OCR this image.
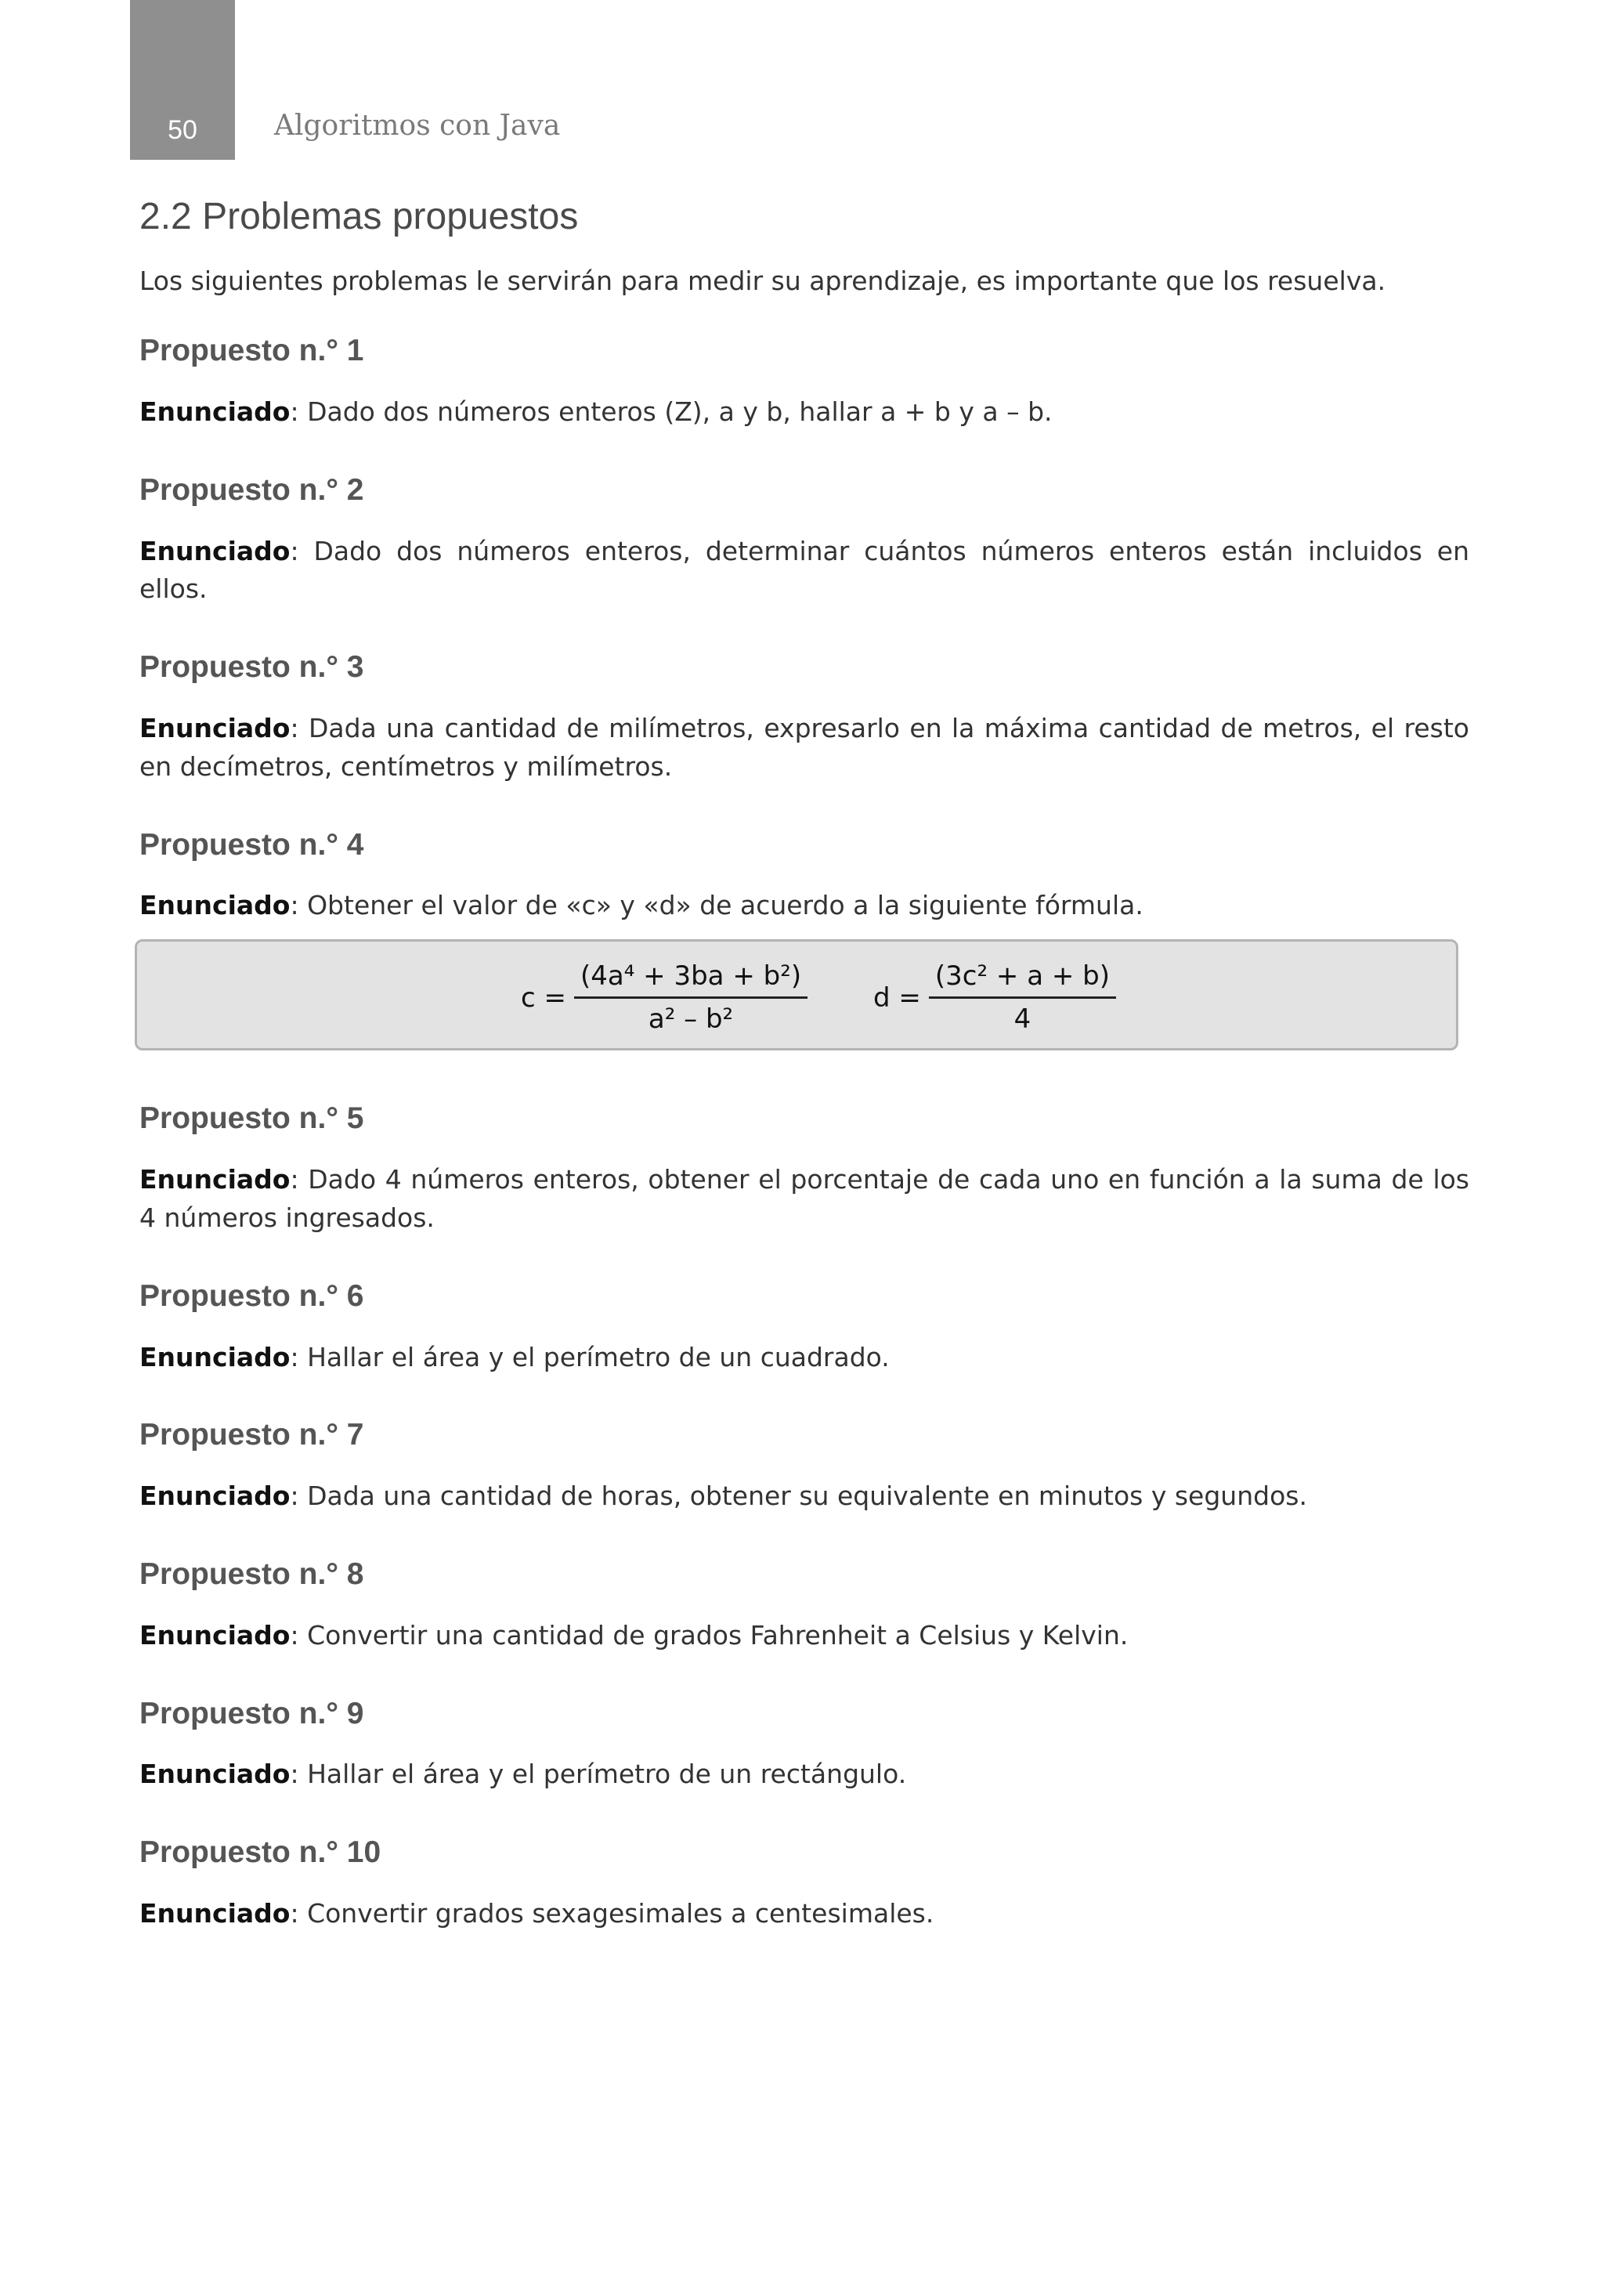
50	Algoritmos con Java
2.2 Problemas propuestos

Los siguientes problemas le servirán para medir su aprendizaje, es importante que los resuelva.

Propuesto n.° 1

Enunciado: Dado dos números enteros (Z), a y b, hallar a + b y a – b.

Propuesto n.° 2

Enunciado: Dado dos números enteros, determinar cuántos números enteros están incluidos en ellos.

Propuesto n.° 3

Enunciado: Dada una cantidad de milímetros, expresarlo en la máxima cantidad de metros, el resto en decímetros, centímetros y milímetros.

Propuesto n.° 4

Enunciado: Obtener el valor de «c» y «d» de acuerdo a la siguiente fórmula.

$c = \frac{\text{(4a⁴ + 3ba + b²)}}{\text{a² – b²}}$ $d = \frac{\text{(3c² + a + b)}}{4}$
Propuesto n.° 5

Enunciado: Dado 4 números enteros, obtener el porcentaje de cada uno en función a la suma de los 4 números ingresados.

Propuesto n.° 6

Enunciado: Hallar el área y el perímetro de un cuadrado.

Propuesto n.° 7

Enunciado: Dada una cantidad de horas, obtener su equivalente en minutos y segundos.

Propuesto n.° 8

Enunciado: Convertir una cantidad de grados Fahrenheit a Celsius y Kelvin.

Propuesto n.° 9

Enunciado: Hallar el área y el perímetro de un rectángulo.

Propuesto n.° 10

Enunciado: Convertir grados sexagesimales a centesimales.
